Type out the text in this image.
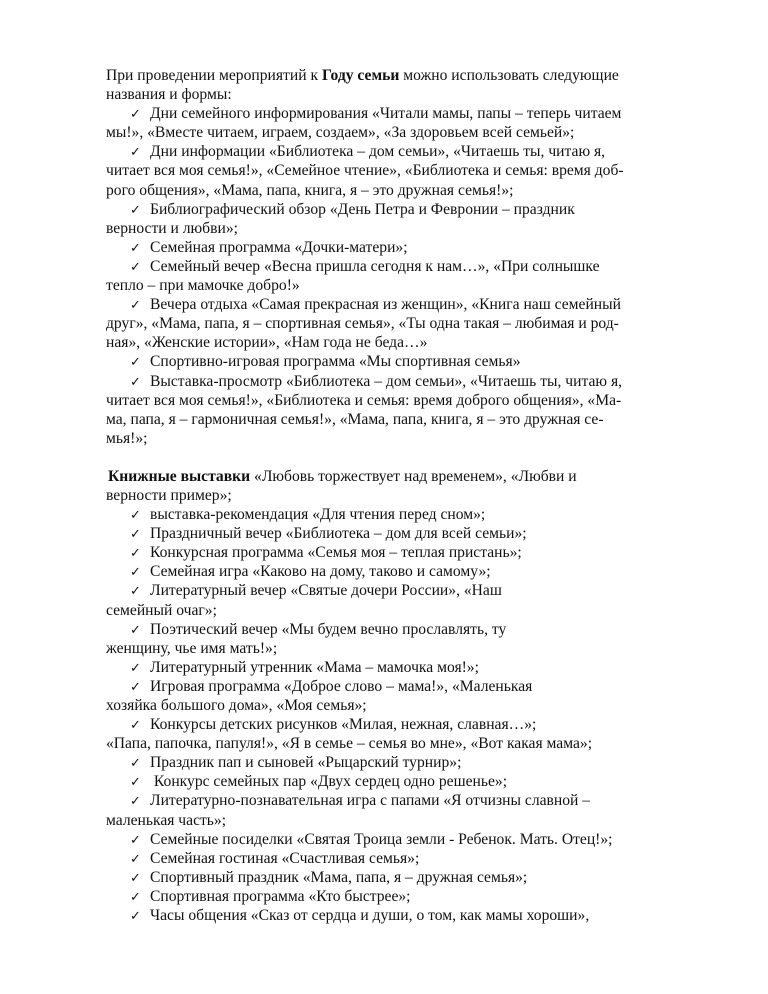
При проведении мероприятий к Году семьи можно использовать следующие
названия и формы:
✓ Дни семейного информирования «Читали мамы, папы – теперь читаем
мы!», «Вместе читаем, играем, создаем», «За здоровьем всей семьей»;
✓ Дни информации «Библиотека – дом семьи», «Читаешь ты, читаю я,
читает вся моя семья!», «Семейное чтение», «Библиотека и семья: время доб-
рого общения», «Мама, папа, книга, я – это дружная семья!»;
✓ Библиографический обзор «День Петра и Февронии – праздник
верности и любви»;
✓ Семейная программа «Дочки-матери»;
✓ Семейный вечер «Весна пришла сегодня к нам…», «При солнышке
тепло – при мамочке добро!»
✓ Вечера отдыха «Самая прекрасная из женщин», «Книга наш семейный
друг», «Мама, папа, я – спортивная семья», «Ты одна такая – любимая и род-
ная», «Женские истории», «Нам года не беда…»
✓ Спортивно-игровая программа «Мы спортивная семья»
✓ Выставка-просмотр «Библиотека – дом семьи», «Читаешь ты, читаю я,
читает вся моя семья!», «Библиотека и семья: время доброго общения», «Ма-
ма, папа, я – гармоничная семья!», «Мама, папа, книга, я – это дружная се-
мья!»;
Книжные выставки «Любовь торжествует над временем», «Любви и
верности пример»;
✓ выставка-рекомендация «Для чтения перед сном»;
✓ Праздничный вечер «Библиотека – дом для всей семьи»;
✓ Конкурсная программа «Семья моя – теплая пристань»;
✓ Семейная игра «Каково на дому, таково и самому»;
✓ Литературный вечер «Святые дочери России», «Наш
семейный очаг»;
✓ Поэтический вечер «Мы будем вечно прославлять, ту
женщину, чье имя мать!»;
✓ Литературный утренник «Мама – мамочка моя!»;
✓ Игровая программа «Доброе слово – мама!», «Маленькая
хозяйка большого дома», «Моя семья»;
✓ Конкурсы детских рисунков «Милая, нежная, славная…»;
«Папа, папочка, папуля!», «Я в семье – семья во мне», «Вот какая мама»;
✓ Праздник пап и сыновей «Рыцарский турнир»;
✓ Конкурс семейных пар «Двух сердец одно решенье»;
✓ Литературно-познавательная игра с папами «Я отчизны славной –
маленькая часть»;
✓ Семейные посиделки «Святая Троица земли - Ребенок. Мать. Отец!»;
✓ Семейная гостиная «Счастливая семья»;
✓ Спортивный праздник «Мама, папа, я – дружная семья»;
✓ Спортивная программа «Кто быстрее»;
✓ Часы общения «Сказ от сердца и души, о том, как мамы хороши»,
